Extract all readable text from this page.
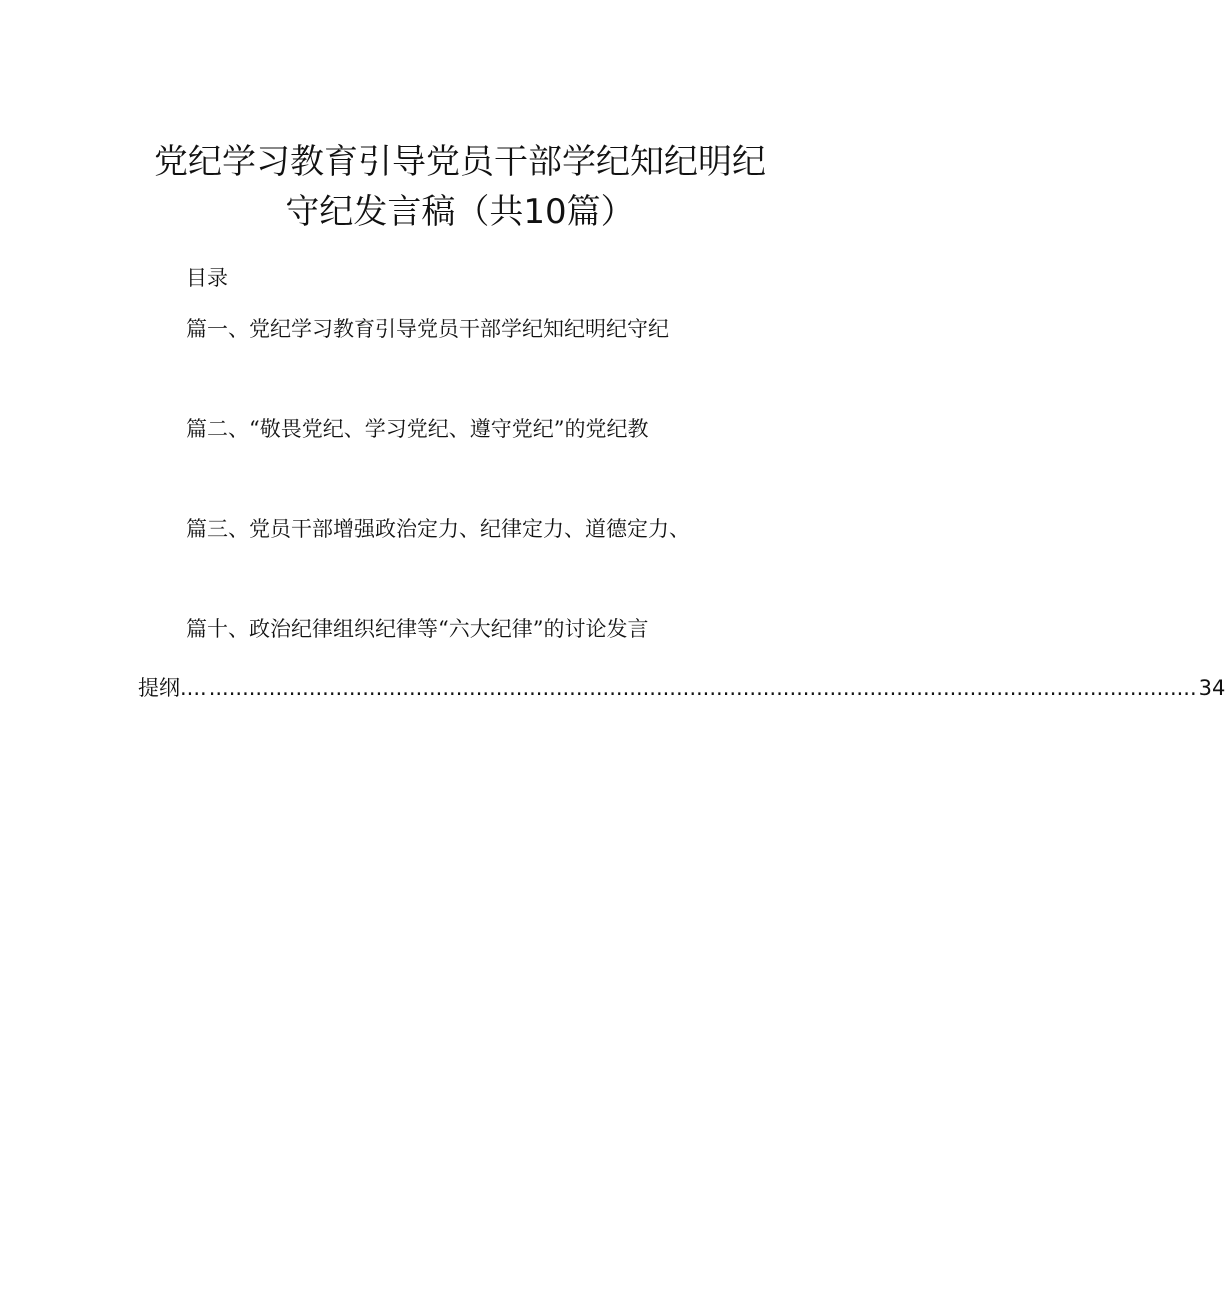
党纪学习教育引导党员干部学纪知纪明纪
守纪发言稿（共10篇）
目录
篇一、党纪学习教育引导党员干部学纪知纪明纪守纪
篇二、“敬畏党纪、学习党纪、遵守党纪”的党纪教
篇三、党员干部增强政治定力、纪律定力、道德定力、
篇十、政治纪律组织纪律等“六大纪律”的讨论发言
提纲.... .................................................................................................................................................... 34
